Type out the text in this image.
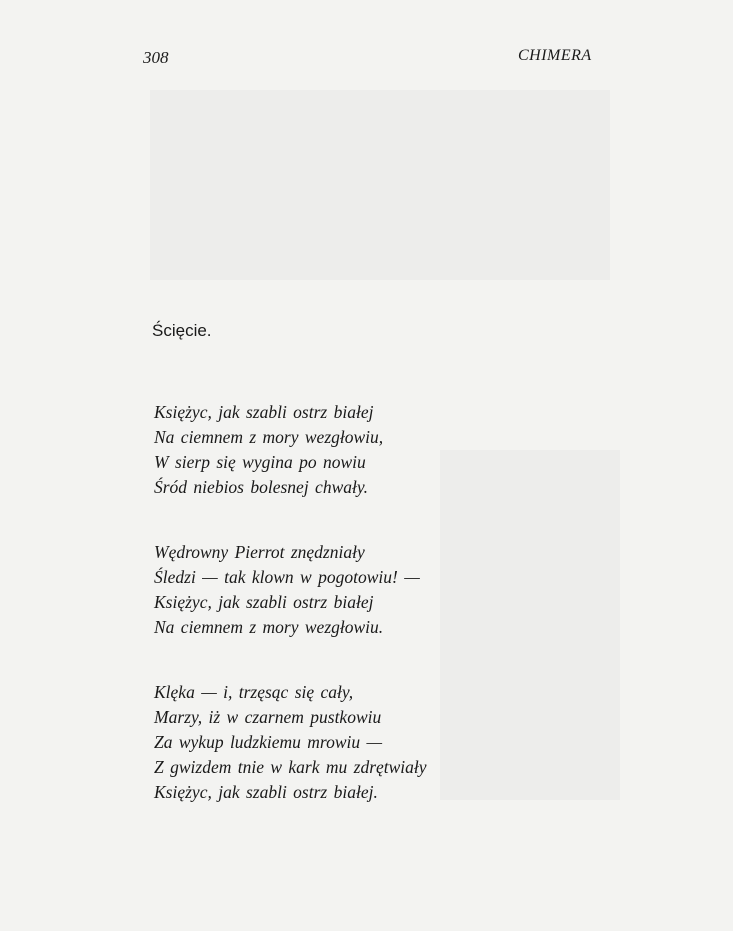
308	CHIMERA
Ścięcie.
Księżyc, jak szabli ostrz białej
Na ciemnem z mory wezgłowiu,
W sierp się wygina po nowiu
Śród niebios bolesnej chwały.
Wędrowny Pierrot znędzniały
Śledzi — tak klown w pogotowiu! —
Księżyc, jak szabli ostrz białej
Na ciemnem z mory wezgłowiu.
Klęka — i, trzęsąc się cały,
Marzy, iż w czarnem pustkowiu
Za wykup ludzkiemu mrowiu —
Z gwizdem tnie w kark mu zdrętwiały
Księżyc, jak szabli ostrz białej.
